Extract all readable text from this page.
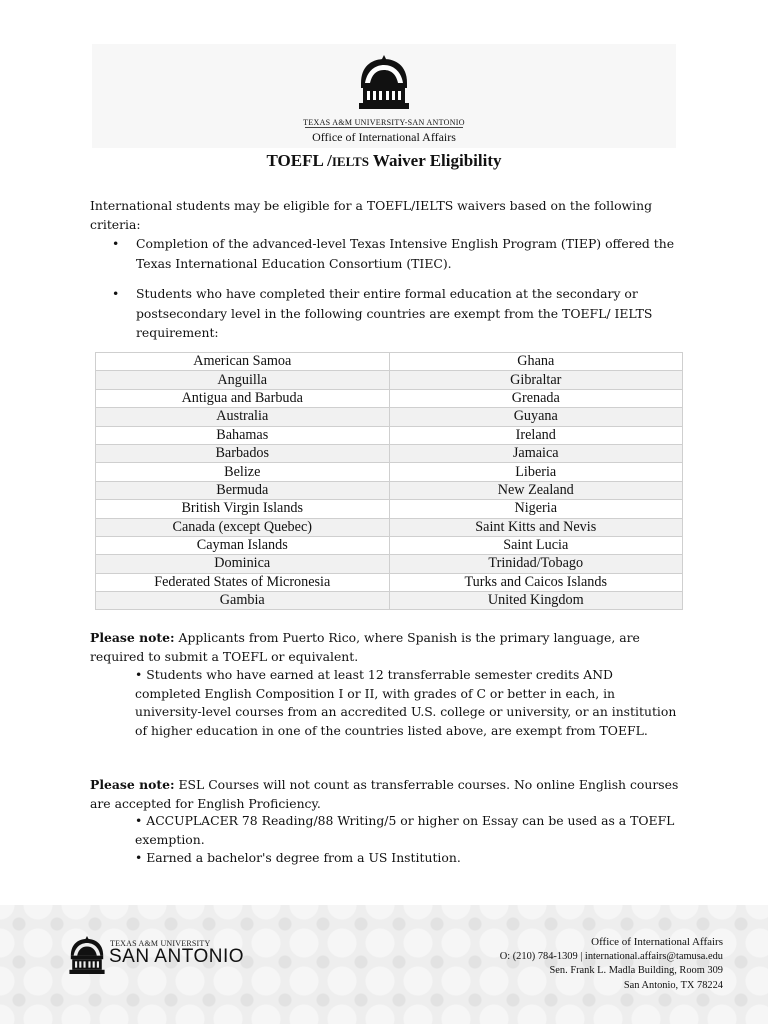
TEXAS A&M UNIVERSITY-SAN ANTONIO
Office of International Affairs
TOEFL /IELTS Waiver Eligibility
International students may be eligible for a TOEFL/IELTS waivers based on the following criteria:
• Completion of the advanced-level Texas Intensive English Program (TIEP) offered the Texas International Education Consortium (TIEC).
• Students who have completed their entire formal education at the secondary or postsecondary level in the following countries are exempt from the TOEFL/ IELTS requirement:
American Samoa	Ghana
Anguilla	Gibraltar
Antigua and Barbuda	Grenada
Australia	Guyana
Bahamas	Ireland
Barbados	Jamaica
Belize	Liberia
Bermuda	New Zealand
British Virgin Islands	Nigeria
Canada (except Quebec)	Saint Kitts and Nevis
Cayman Islands	Saint Lucia
Dominica	Trinidad/Tobago
Federated States of Micronesia	Turks and Caicos Islands
Gambia	United Kingdom
Please note: Applicants from Puerto Rico, where Spanish is the primary language, are required to submit a TOEFL or equivalent.
• Students who have earned at least 12 transferrable semester credits AND completed English Composition I or II, with grades of C or better in each, in university-level courses from an accredited U.S. college or university, or an institution of higher education in one of the countries listed above, are exempt from TOEFL.
Please note: ESL Courses will not count as transferrable courses. No online English courses are accepted for English Proficiency.
• ACCUPLACER 78 Reading/88 Writing/5 or higher on Essay can be used as a TOEFL exemption.
• Earned a bachelor's degree from a US Institution.
TEXAS A&M UNIVERSITY
SAN ANTONIO
Office of International Affairs
O: (210) 784-1309 | international.affairs@tamusa.edu
Sen. Frank L. Madla Building, Room 309
San Antonio, TX 78224
